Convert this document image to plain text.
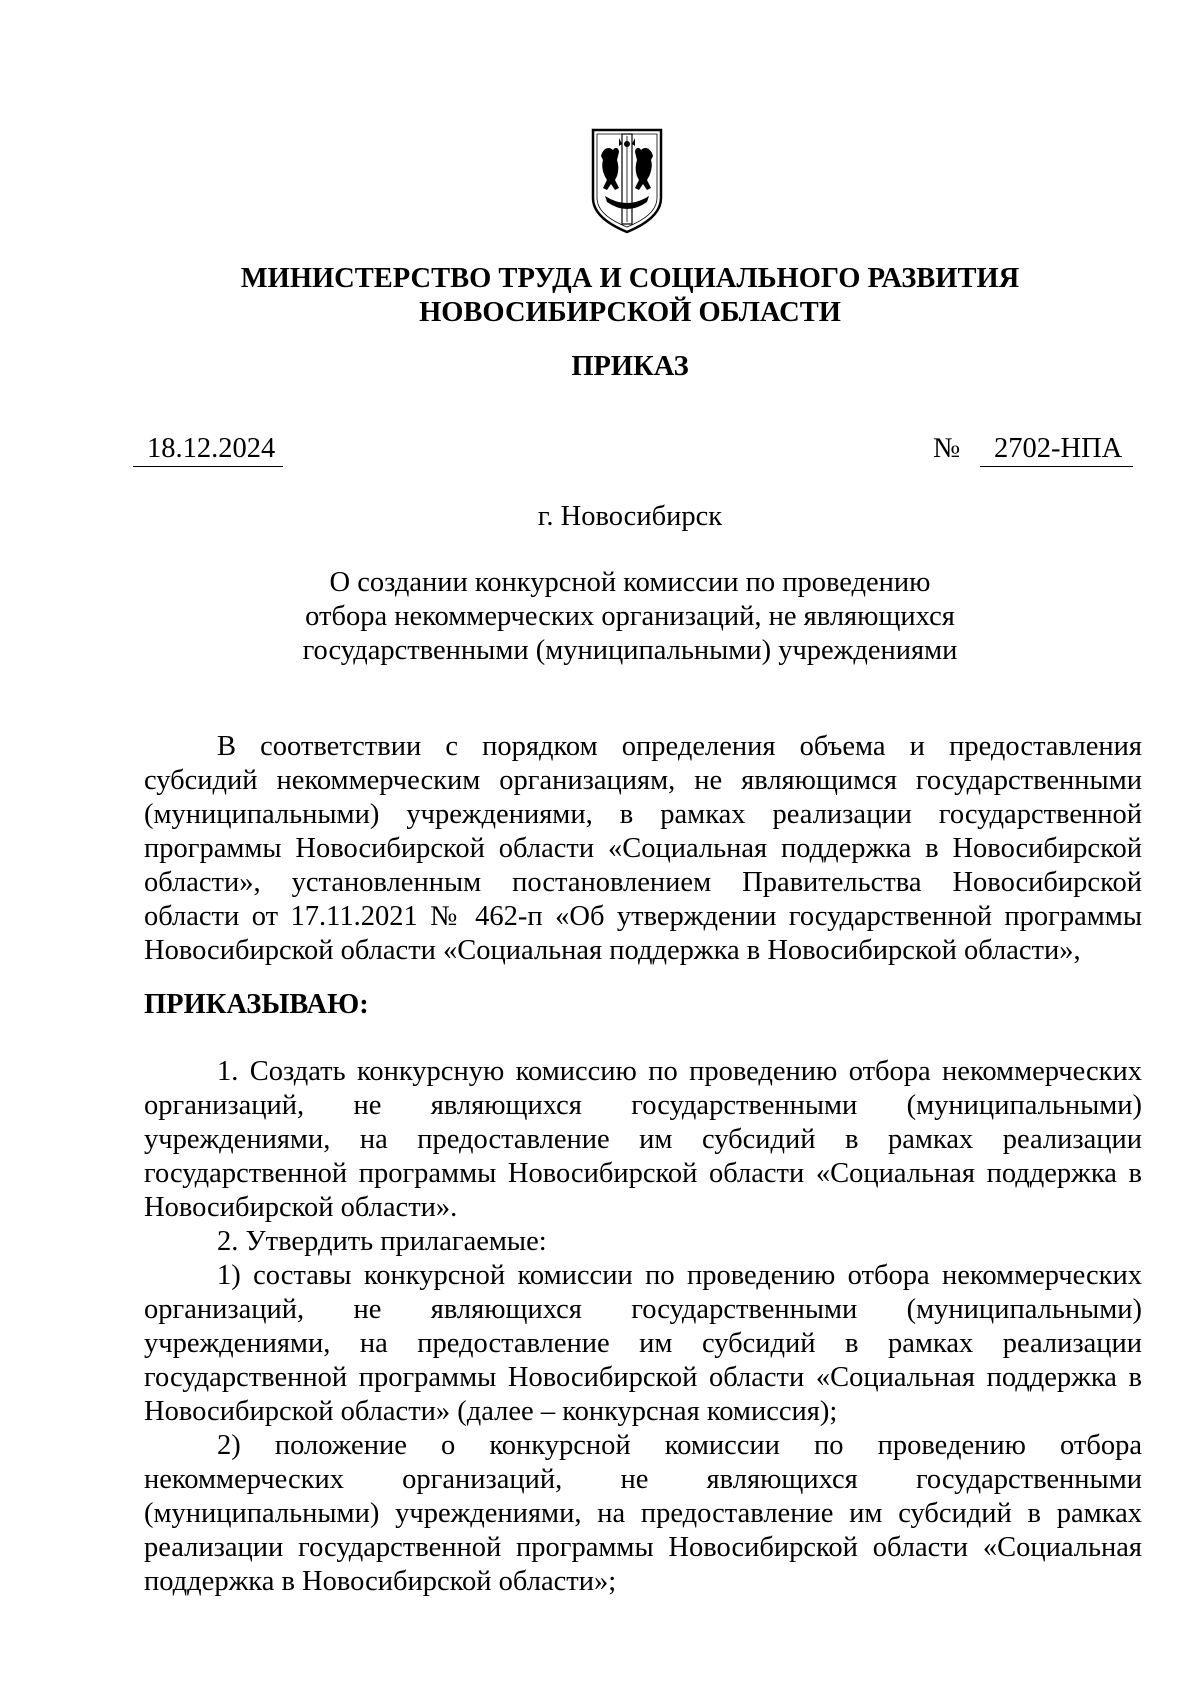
МИНИСТЕРСТВО ТРУДА И СОЦИАЛЬНОГО РАЗВИТИЯ
НОВОСИБИРСКОЙ ОБЛАСТИ
ПРИКАЗ
18.12.2024	№	2702-НПА
г. Новосибирск
О создании конкурсной комиссии по проведению
отбора некоммерческих организаций, не являющихся
государственными (муниципальными) учреждениями

В соответствии с порядком определения объема и предоставления субсидий некоммерческим организациям, не являющимся государственными (муниципальными) учреждениями, в рамках реализации государственной программы Новосибирской области «Социальная поддержка в Новосибирской области», установленным постановлением Правительства Новосибирской области от 17.11.2021 № 462-п «Об утверждении государственной программы Новосибирской области «Социальная поддержка в Новосибирской области»,

ПРИКАЗЫВАЮ:

1. Создать конкурсную комиссию по проведению отбора некоммерческих организаций, не являющихся государственными (муниципальными) учреждениями, на предоставление им субсидий в рамках реализации государственной программы Новосибирской области «Социальная поддержка в Новосибирской области».

2. Утвердить прилагаемые:

1) составы конкурсной комиссии по проведению отбора некоммерческих организаций, не являющихся государственными (муниципальными) учреждениями, на предоставление им субсидий в рамках реализации государственной программы Новосибирской области «Социальная поддержка в Новосибирской области» (далее – конкурсная комиссия);

2) положение о конкурсной комиссии по проведению отбора некоммерческих организаций, не являющихся государственными (муниципальными) учреждениями, на предоставление им субсидий в рамках реализации государственной программы Новосибирской области «Социальная поддержка в Новосибирской области»;
